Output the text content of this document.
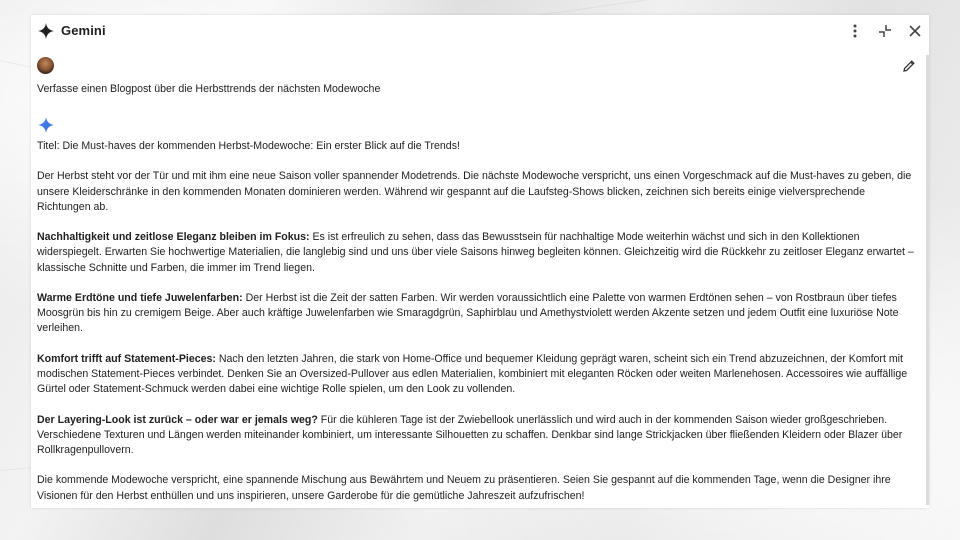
Gemini
Verfasse einen Blogpost über die Herbsttrends der nächsten Modewoche

Titel: Die Must-haves der kommenden Herbst-Modewoche: Ein erster Blick auf die Trends!

Der Herbst steht vor der Tür und mit ihm eine neue Saison voller spannender Modetrends. Die nächste Modewoche verspricht, uns einen Vorgeschmack auf die Must-haves zu geben, die unsere Kleiderschränke in den kommenden Monaten dominieren werden. Während wir gespannt auf die Laufsteg-Shows blicken, zeichnen sich bereits einige vielversprechende Richtungen ab.

Nachhaltigkeit und zeitlose Eleganz bleiben im Fokus: Es ist erfreulich zu sehen, dass das Bewusstsein für nachhaltige Mode weiterhin wächst und sich in den Kollektionen widerspiegelt. Erwarten Sie hochwertige Materialien, die langlebig sind und uns über viele Saisons hinweg begleiten können. Gleichzeitig wird die Rückkehr zu zeitloser Eleganz erwartet – klassische Schnitte und Farben, die immer im Trend liegen.

Warme Erdtöne und tiefe Juwelenfarben: Der Herbst ist die Zeit der satten Farben. Wir werden voraussichtlich eine Palette von warmen Erdtönen sehen – von Rostbraun über tiefes Moosgrün bis hin zu cremigem Beige. Aber auch kräftige Juwelenfarben wie Smaragdgrün, Saphirblau und Amethystviolett werden Akzente setzen und jedem Outfit eine luxuriöse Note verleihen.

Komfort trifft auf Statement-Pieces: Nach den letzten Jahren, die stark von Home-Office und bequemer Kleidung geprägt waren, scheint sich ein Trend abzuzeichnen, der Komfort mit modischen Statement-Pieces verbindet. Denken Sie an Oversized-Pullover aus edlen Materialien, kombiniert mit eleganten Röcken oder weiten Marlenehosen. Accessoires wie auffällige Gürtel oder Statement-Schmuck werden dabei eine wichtige Rolle spielen, um den Look zu vollenden.

Der Layering-Look ist zurück – oder war er jemals weg? Für die kühleren Tage ist der Zwiebellook unerlässlich und wird auch in der kommenden Saison wieder großgeschrieben. Verschiedene Texturen und Längen werden miteinander kombiniert, um interessante Silhouetten zu schaffen. Denkbar sind lange Strickjacken über fließenden Kleidern oder Blazer über Rollkragenpullovern.

Die kommende Modewoche verspricht, eine spannende Mischung aus Bewährtem und Neuem zu präsentieren. Seien Sie gespannt auf die kommenden Tage, wenn die Designer ihre Visionen für den Herbst enthüllen und uns inspirieren, unsere Garderobe für die gemütliche Jahreszeit aufzufrischen!
